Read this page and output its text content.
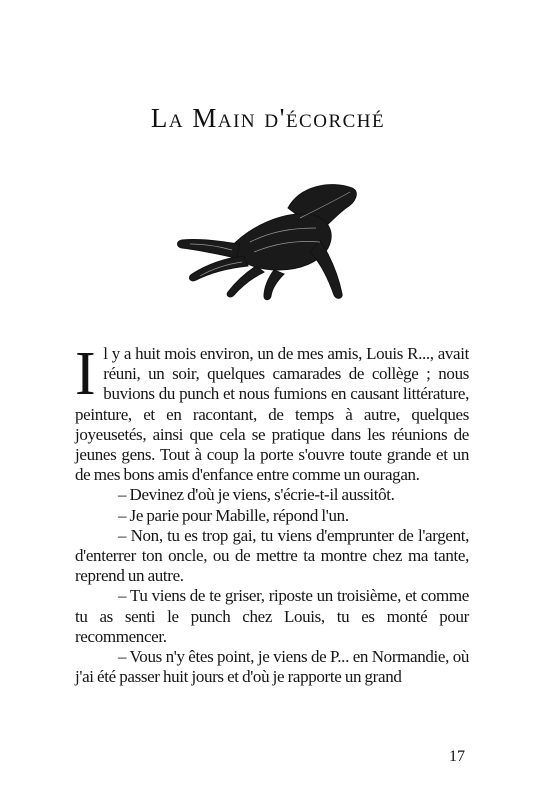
La Main d'écorché

Il y a huit mois environ, un de mes amis, Louis R..., avait réuni, un soir, quelques camarades de collège ; nous buvions du punch et nous fumions en causant littérature, peinture, et en racontant, de temps à autre, quelques joyeusetés, ainsi que cela se pratique dans les réunions de jeunes gens. Tout à coup la porte s'ouvre toute grande et un de mes bons amis d'enfance entre comme un ouragan.

– Devinez d'où je viens, s'écrie-t-il aussitôt.

– Je parie pour Mabille, répond l'un.

– Non, tu es trop gai, tu viens d'emprunter de l'argent, d'enterrer ton oncle, ou de mettre ta montre chez ma tante, reprend un autre.

– Tu viens de te griser, riposte un troisième, et comme tu as senti le punch chez Louis, tu es monté pour recommencer.

– Vous n'y êtes point, je viens de P... en Normandie, où j'ai été passer huit jours et d'où je rapporte un grand

17
